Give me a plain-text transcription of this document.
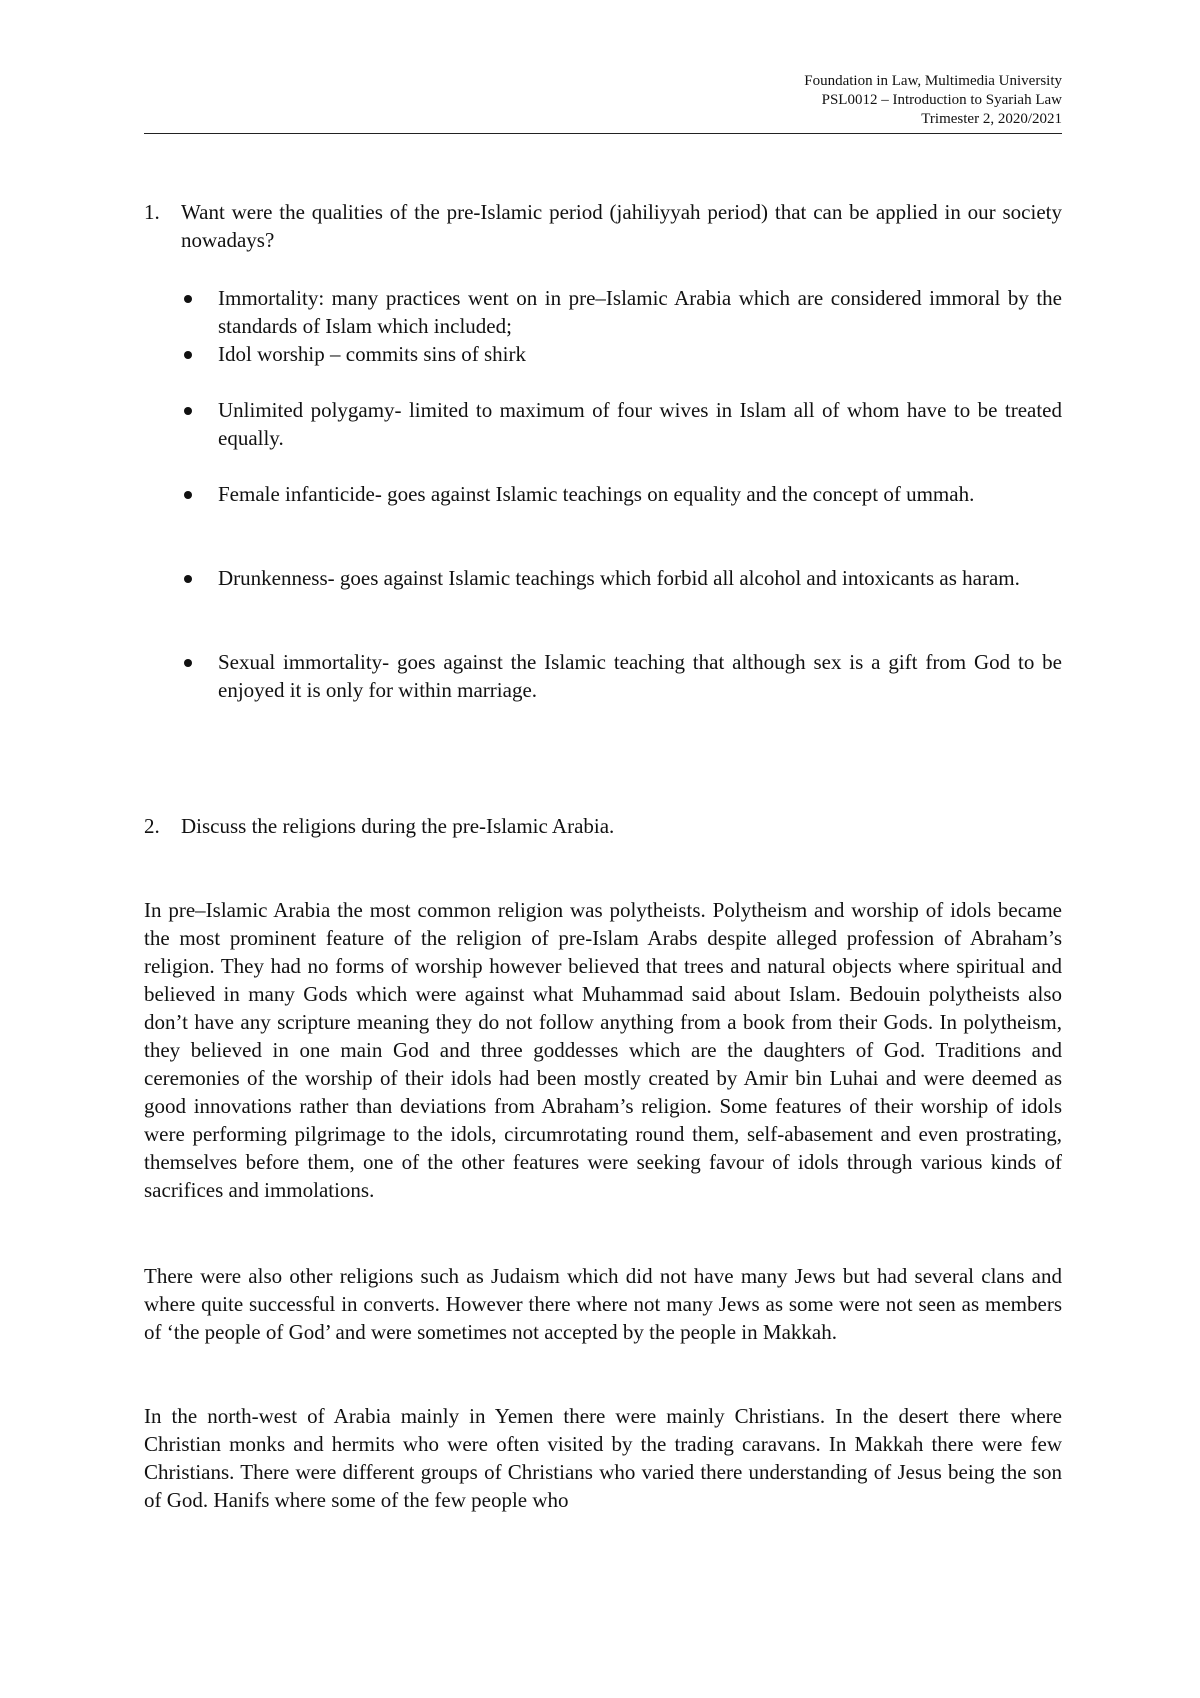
Foundation in Law, Multimedia University
PSL0012 – Introduction to Syariah Law
Trimester 2, 2020/2021
1. Want were the qualities of the pre-Islamic period (jahiliyyah period) that can be applied in our society nowadays?
Immortality: many practices went on in pre–Islamic Arabia which are considered immoral by the standards of Islam which included;
Idol worship – commits sins of shirk
Unlimited polygamy- limited to maximum of four wives in Islam all of whom have to be treated equally.
Female infanticide- goes against Islamic teachings on equality and the concept of ummah.
Drunkenness- goes against Islamic teachings which forbid all alcohol and intoxicants as haram.
Sexual immortality- goes against the Islamic teaching that although sex is a gift from God to be enjoyed it is only for within marriage.
2. Discuss the religions during the pre-Islamic Arabia.
In pre–Islamic Arabia the most common religion was polytheists. Polytheism and worship of idols became the most prominent feature of the religion of pre-Islam Arabs despite alleged profession of Abraham’s religion. They had no forms of worship however believed that trees and natural objects where spiritual and believed in many Gods which were against what Muhammad said about Islam. Bedouin polytheists also don’t have any scripture meaning they do not follow anything from a book from their Gods. In polytheism, they believed in one main God and three goddesses which are the daughters of God. Traditions and ceremonies of the worship of their idols had been mostly created by Amir bin Luhai and were deemed as good innovations rather than deviations from Abraham’s religion. Some features of their worship of idols were performing pilgrimage to the idols, circumrotating round them, self-abasement and even prostrating, themselves before them, one of the other features were seeking favour of idols through various kinds of sacrifices and immolations.
There were also other religions such as Judaism which did not have many Jews but had several clans and where quite successful in converts. However there where not many Jews as some were not seen as members of ‘the people of God’ and were sometimes not accepted by the people in Makkah.
In the north-west of Arabia mainly in Yemen there were mainly Christians. In the desert there where Christian monks and hermits who were often visited by the trading caravans. In Makkah there were few Christians. There were different groups of Christians who varied there understanding of Jesus being the son of God. Hanifs where some of the few people who
